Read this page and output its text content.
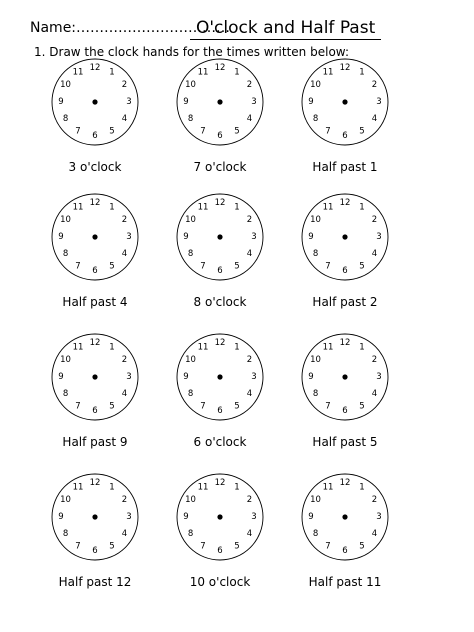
Name:……………………………
O'clock and Half Past
1. Draw the clock hands for the times written below:
12 1
2
3
4
5
6
7
8
9
10
11
3 o'clock
12 1
2
3
4
5
6
7
8
9
10
11
7 o'clock
12 1
2
3
4
5
6
7
8
9
10
11
Half past 1
12 1
2
3
4
5
6
7
8
9
10
11
Half past 4
12 1
2
3
4
5
6
7
8
9
10
11
8 o'clock
12 1
2
3
4
5
6
7
8
9
10
11
Half past 2
12 1
2
3
4
5
6
7
8
9
10
11
Half past 9
12 1
2
3
4
5
6
7
8
9
10
11
6 o'clock
12 1
2
3
4
5
6
7
8
9
10
11
Half past 5
12 1
2
3
4
5
6
7
8
9
10
11
Half past 12
12 1
2
3
4
5
6
7
8
9
10
11
10 o'clock
12 1
2
3
4
5
6
7
8
9
10
11
Half past 11
